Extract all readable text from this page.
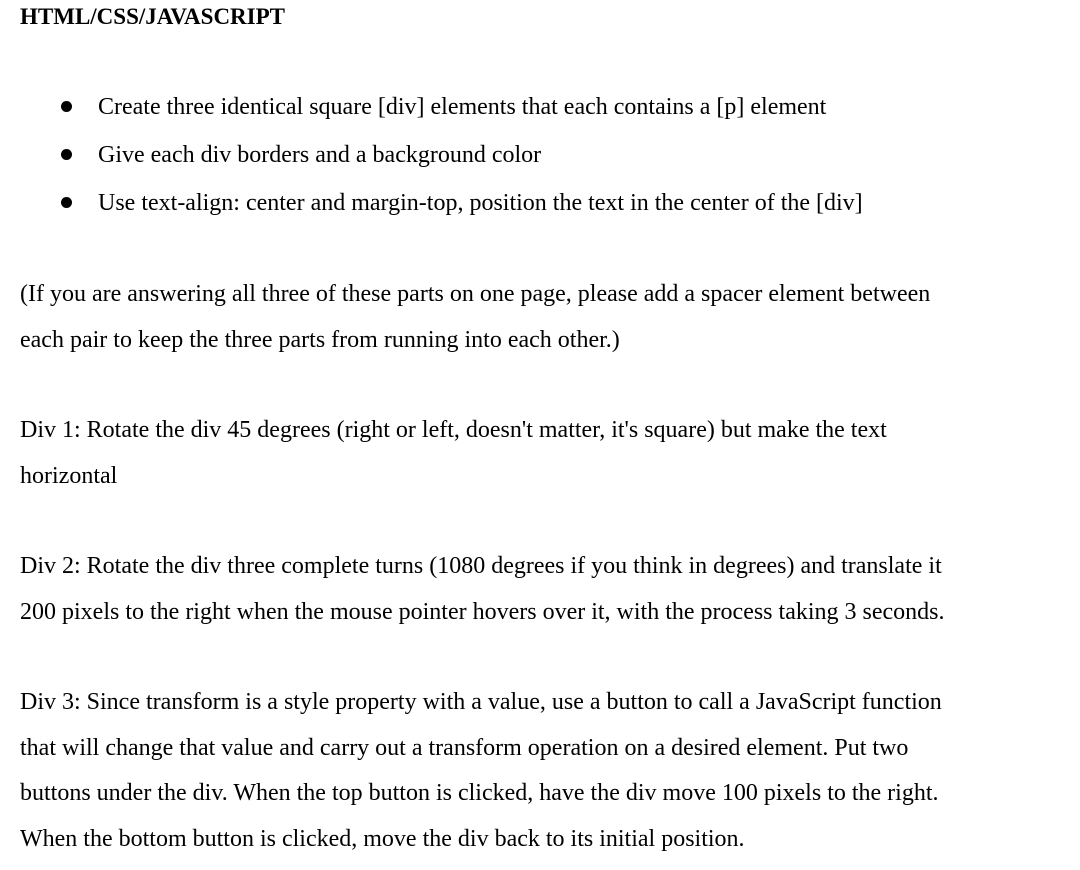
HTML/CSS/JAVASCRIPT
Create three identical square [div] elements that each contains a [p] element
Give each div borders and a background color
Use text-align: center and margin-top, position the text in the center of the [div]

(If you are answering all three of these parts on one page, please add a spacer element between
each pair to keep the three parts from running into each other.)

Div 1: Rotate the div 45 degrees (right or left, doesn't matter, it's square) but make the text
horizontal

Div 2: Rotate the div three complete turns (1080 degrees if you think in degrees) and translate it
200 pixels to the right when the mouse pointer hovers over it, with the process taking 3 seconds.

Div 3: Since transform is a style property with a value, use a button to call a JavaScript function
that will change that value and carry out a transform operation on a desired element. Put two
buttons under the div. When the top button is clicked, have the div move 100 pixels to the right.
When the bottom button is clicked, move the div back to its initial position.
